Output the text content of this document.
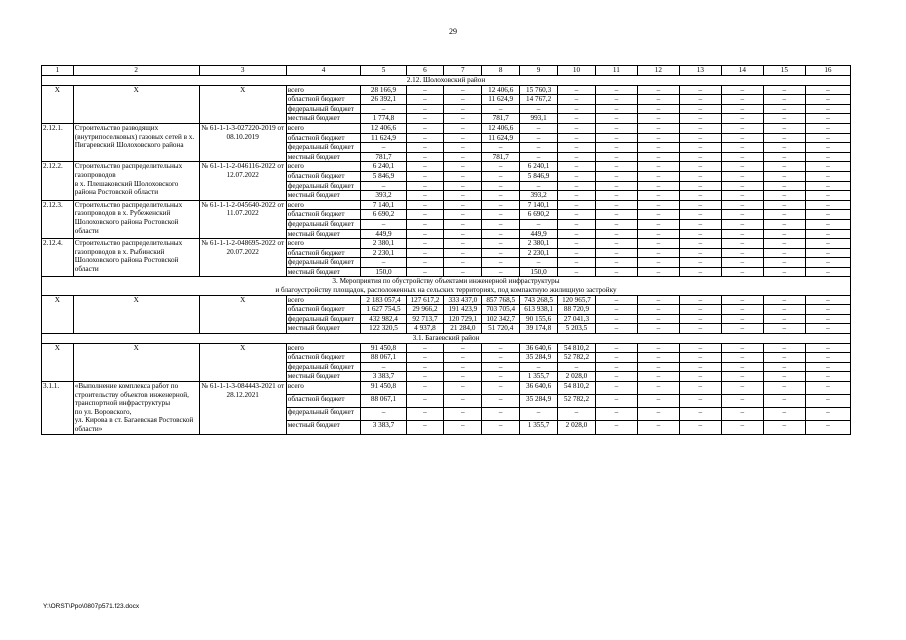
29
1	2	3	4	5	6	7	8	9	10	11	12	13	14	15	16
2.12. Шолоховский район															
Х	Х	Х	всего	28 166,9	–	–	12 406,6	15 760,3	–	–	–	–	–	–	–
			областной бюджет	26 392,1	–	–	11 624,9	14 767,2	–	–	–	–	–	–	–
			федеральный бюджет	–	–	–	–	–	–	–	–	–	–	–	–
			местный бюджет	1 774,8	–	–	781,7	993,1	–	–	–	–	–	–	–
2.12.1.	Строительство разводящих (внутрипоселковых) газовых сетей в х. Пигаревский Шолоховского района	№ 61-1-1-3-027220-2019 от 08.10.2019	всего	12 406,6	–	–	12 406,6	–	–	–	–	–	–	–	–
			областной бюджет	11 624,9	–	–	11 624,9	–	–	–	–	–	–	–	–
			федеральный бюджет	–	–	–	–	–	–	–	–	–	–	–	–
			местный бюджет	781,7	–	–	781,7	–	–	–	–	–	–	–	–
2.12.2.	Строительство распределительных газопроводов
в х. Плешаковский Шолоховского района Ростовской области	№ 61-1-1-2-046116-2022 от 12.07.2022	всего	6 240,1	–	–	–	6 240,1	–	–	–	–	–	–	–
			областной бюджет	5 846,9	–	–	–	5 846,9	–	–	–	–	–	–	–
			федеральный бюджет	–	–	–	–	–	–	–	–	–	–	–	–
			местный бюджет	393,2	–	–	–	393,2	–	–	–	–	–	–	–
2.12.3.	Строительство распределительных газопроводов в х. Рубеженский Шолоховского района Ростовской области	№ 61-1-1-2-045640-2022 от 11.07.2022	всего	7 140,1	–	–	–	7 140,1	–	–	–	–	–	–	–
			областной бюджет	6 690,2	–	–	–	6 690,2	–	–	–	–	–	–	–
			федеральный бюджет	–	–	–	–	–	–	–	–	–	–	–	–
			местный бюджет	449,9	–	–	–	449,9	–	–	–	–	–	–	–
2.12.4.	Строительство распределительных газопроводов в х. Рыбинский Шолоховского района Ростовской области	№ 61-1-1-2-048695-2022 от 20.07.2022	всего	2 380,1	–	–	–	2 380,1	–	–	–	–	–	–	–
			областной бюджет	2 230,1	–	–	–	2 230,1	–	–	–	–	–	–	–
			федеральный бюджет	–	–	–	–	–	–	–	–	–	–	–	–
			местный бюджет	150,0	–	–	–	150,0	–	–	–	–	–	–	–
3. Мероприятия по обустройству объектами инженерной инфраструктуры
и благоустройству площадок, расположенных на сельских территориях, под компактную жилищную застройку															
Х	Х	Х	всего	2 183 057,4	127 617,2	333 437,0	857 768,5	743 268,5	120 965,7	–	–	–	–	–	–
			областной бюджет	1 627 754,5	29 966,2	191 423,9	703 705,4	613 938,1	88 720,9	–	–	–	–	–	–
			федеральный бюджет	432 982,4	92 713,7	120 729,1	102 342,7	90 155,6	27 041,3	–	–	–	–	–	–
			местный бюджет	122 320,5	4 937,8	21 284,0	51 720,4	39 174,8	5 203,5	–	–	–	–	–	–
3.1. Багаевский район															
Х	Х	Х	всего	91 450,8	–	–	–	36 640,6	54 810,2	–	–	–	–	–	–
			областной бюджет	88 067,1	–	–	–	35 284,9	52 782,2	–	–	–	–	–	–
			федеральный бюджет	–	–	–	–	–	–	–	–	–	–	–	–
			местный бюджет	3 383,7	–	–	–	1 355,7	2 028,0	–	–	–	–	–	–
3.1.1.	«Выполнение комплекса работ по строительству объектов инженерной, транспортной инфраструктуры
по ул. Воровского,
ул. Кирова в ст. Багаевская Ростовской области»	№ 61-1-1-3-084443-2021 от 28.12.2021	всего	91 450,8	–	–	–	36 640,6	54 810,2	–	–	–	–	–	–
			областной бюджет	88 067,1	–	–	–	35 284,9	52 782,2	–	–	–	–	–	–
			федеральный бюджет	–	–	–	–	–	–	–	–	–	–	–	–
			местный бюджет	3 383,7	–	–	–	1 355,7	2 028,0	–	–	–	–	–	–
Y:\ORST\Ppo\0807p571.f23.docx
